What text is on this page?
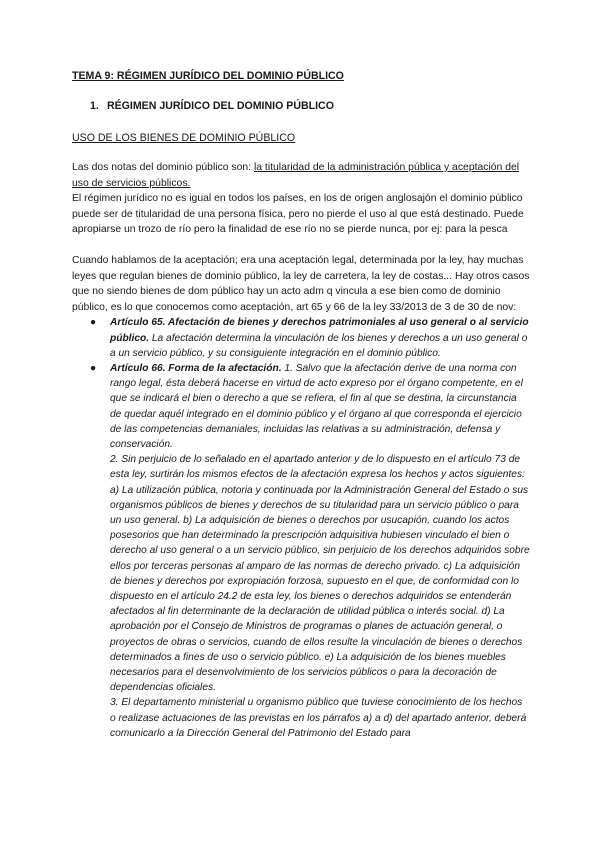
TEMA 9: RÉGIMEN JURÍDICO DEL DOMINIO PÚBLICO
1. RÉGIMEN JURÍDICO DEL DOMINIO PÚBLICO
USO DE LOS BIENES DE DOMINIO PÚBLICO

Las dos notas del dominio público son: la titularidad de la administración pública y aceptación del uso de servicios públicos.

El régimen jurídico no es igual en todos los países, en los de origen anglosajón el dominio público puede ser de titularidad de una persona física, pero no pierde el uso al que está destinado. Puede apropiarse un trozo de río pero la finalidad de ese río no se pierde nunca, por ej: para la pesca

Cuando hablamos de la aceptación; era una aceptación legal, determinada por la ley, hay muchas leyes que regulan bienes de dominio público, la ley de carretera, la ley de costas... Hay otros casos que no siendo bienes de dom público hay un acto adm q vincula a ese bien como de dominio público, es lo que conocemos como aceptación, art 65 y 66 de la ley 33/2013 de 3 de 30 de nov:

● Artículo 65. Afectación de bienes y derechos patrimoniales al uso general o al servicio público. La afectación determina la vinculación de los bienes y derechos a un uso general o a un servicio público, y su consiguiente integración en el dominio público.
● Artículo 66. Forma de la afectación. 1. Salvo que la afectación derive de una norma con rango legal, ésta deberá hacerse en virtud de acto expreso por el órgano competente, en el que se indicará el bien o derecho a que se refiera, el fin al que se destina, la circunstancia de quedar aquél integrado en el dominio público y el órgano al que corresponda el ejercicio de las competencias demaniales, incluidas las relativas a su administración, defensa y conservación.
2. Sin perjuicio de lo señalado en el apartado anterior y de lo dispuesto en el artículo 73 de esta ley, surtirán los mismos efectos de la afectación expresa los hechos y actos siguientes: a) La utilización pública, notoria y continuada por la Administración General del Estado o sus organismos públicos de bienes y derechos de su titularidad para un servicio público o para un uso general. b) La adquisición de bienes o derechos por usucapión, cuando los actos posesorios que han determinado la prescripción adquisitiva hubiesen vinculado el bien o derecho al uso general o a un servicio público, sin perjuicio de los derechos adquiridos sobre ellos por terceras personas al amparo de las normas de derecho privado. c) La adquisición de bienes y derechos por expropiación forzosa, supuesto en el que, de conformidad con lo dispuesto en el artículo 24.2 de esta ley, los bienes o derechos adquiridos se entenderán afectados al fin determinante de la declaración de utilidad pública o interés social. d) La aprobación por el Consejo de Ministros de programas o planes de actuación general, o proyectos de obras o servicios, cuando de ellos resulte la vinculación de bienes o derechos determinados a fines de uso o servicio público. e) La adquisición de los bienes muebles necesarios para el desenvolvimiento de los servicios públicos o para la decoración de dependencias oficiales.
3. El departamento ministerial u organismo público que tuviese conocimiento de los hechos o realizase actuaciones de las previstas en los párrafos a) a d) del apartado anterior, deberá comunicarlo a la Dirección General del Patrimonio del Estado para
